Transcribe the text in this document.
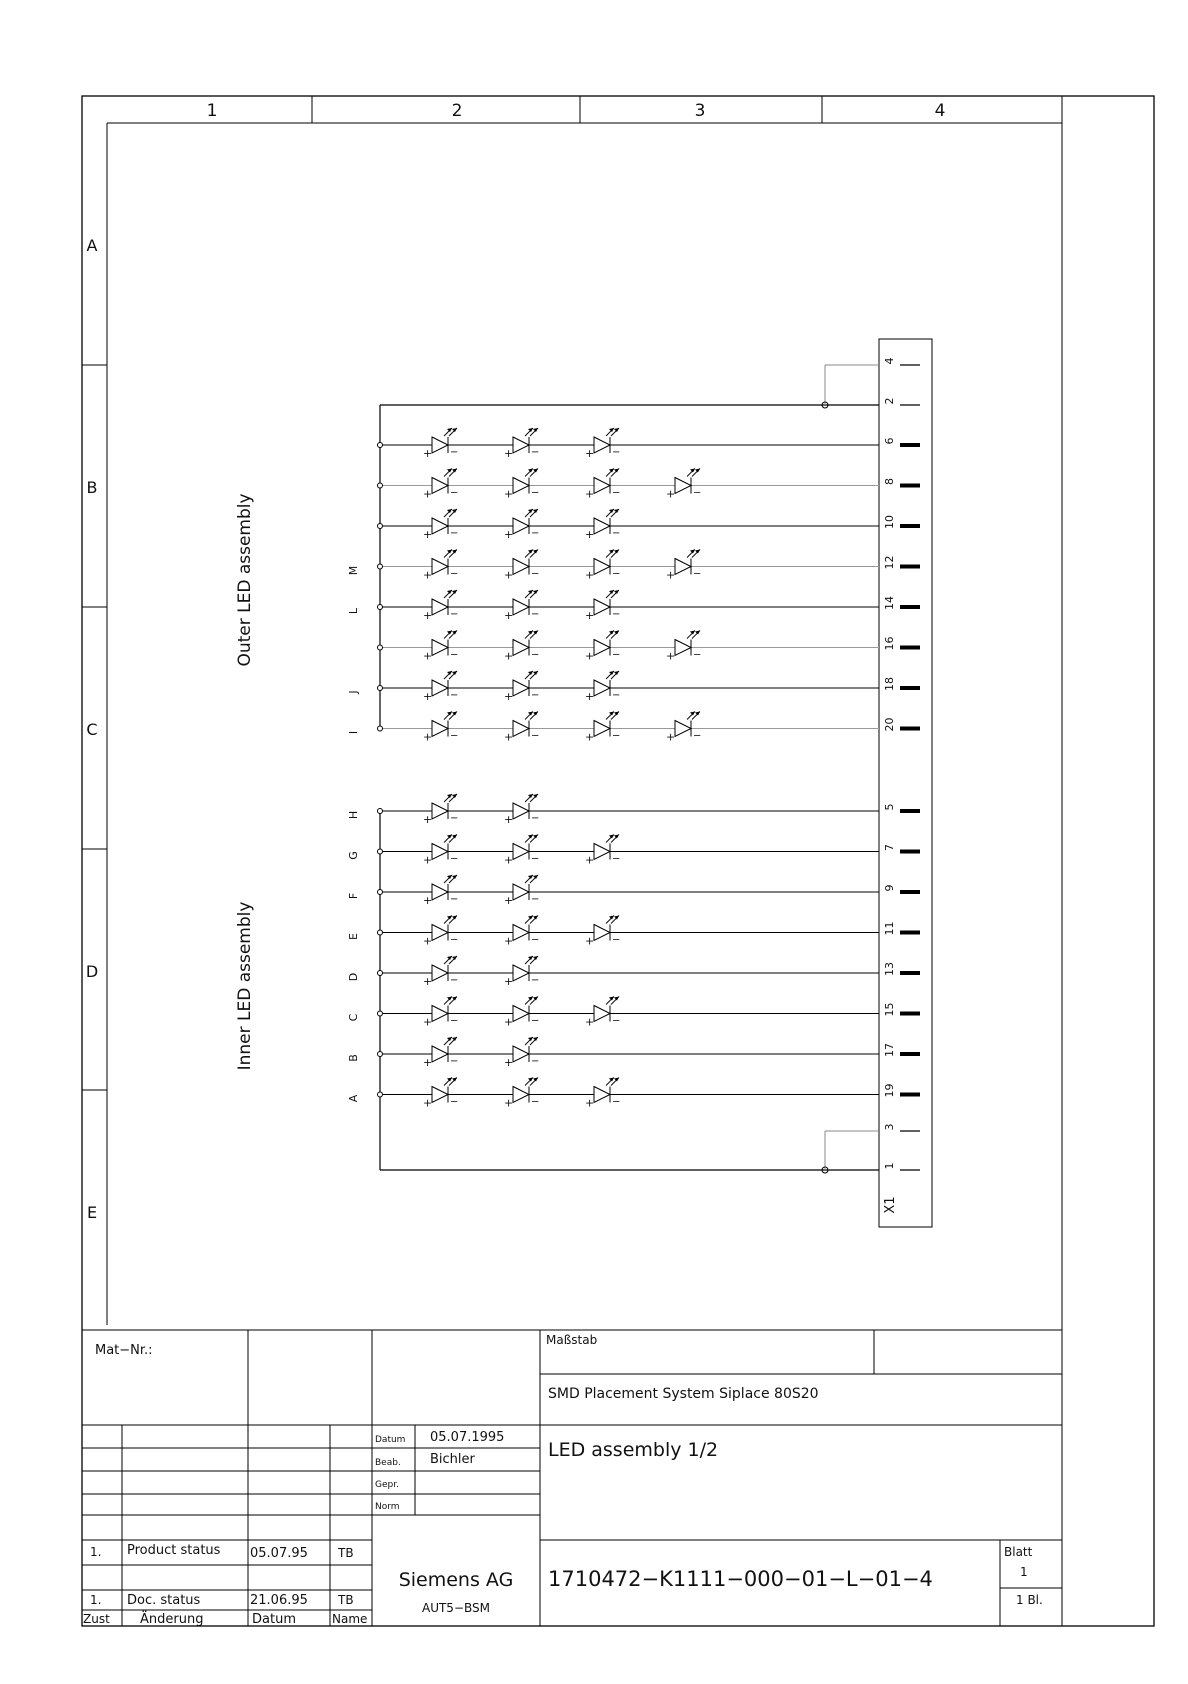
1	2	3	4
A
B
C
D
E
Outer LED assembly
Inner LED assembly
X1
2
4
1
3
+ −	+ −	+ −
6
+ −	+ −	+ −	+ −
8
+ −	+ −	+ −
10
M	+ −	+ −	+ −	+ −
12
L	+ −	+ −	+ −
14
+ −	+ −	+ −	+ −
16
J	+ −	+ −	+ −
18
I	+ −	+ −	+ −	+ −
20
H	+ −	+ −
5
G	+ −	+ −	+ −
7
F	+ −	+ −
9
E	+ −	+ −	+ −
11
D	+ −	+ −
13
C	+ −	+ −	+ −
15
B	+ −	+ −
17
A	+ −	+ −	+ −
19
Mat−Nr.:
Maßstab
SMD Placement System Siplace 80S20
LED assembly 1/2
Datum 05.07.1995
Beab. Bichler
Gepr.
Norm
1. Product status 05.07.95	TB
1. Doc. status	21.06.95	TB
Zust Änderung	Datum	Name
Siemens AG
AUT5−BSM
1710472−K1111−000−01−L−01−4
Blatt
1
1 Bl.
